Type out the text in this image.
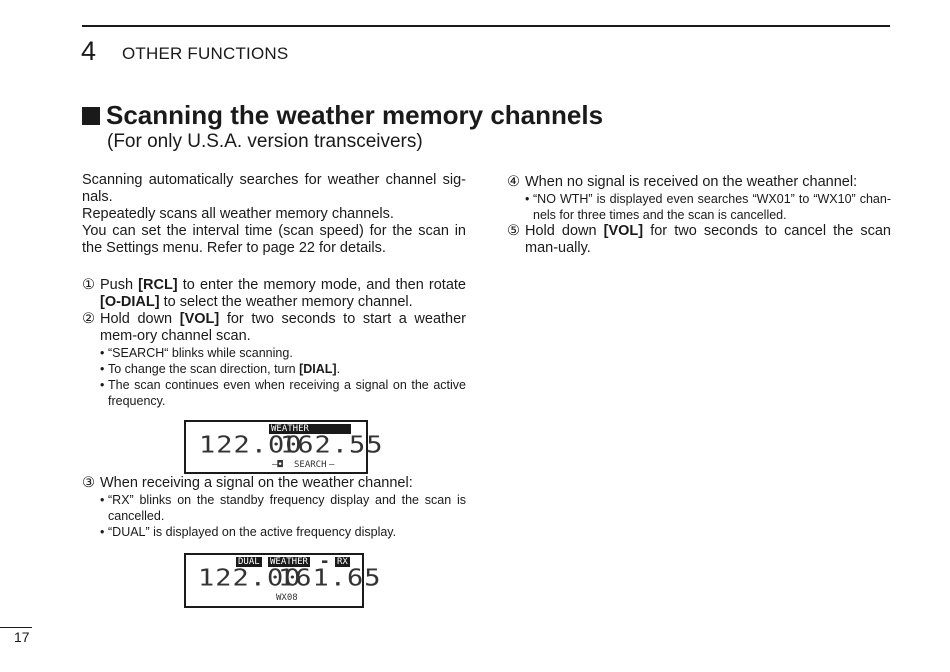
4 OTHER FUNCTIONS
Scanning the weather memory channels
(For only U.S.A. version transceivers)

Scanning automatically searches for weather channel sig-nals.

Repeatedly scans all weather memory channels.

You can set the interval time (scan speed) for the scan in the Settings menu. Refer to page 22 for details.

① Push [RCL] to enter the memory mode, and then rotate [O-DIAL] to select the weather memory channel.

② Hold down [VOL] for two seconds to start a weather mem-ory channel scan.

• “SEARCH“ blinks while scanning.

• To change the scan direction, turn [DIAL].

• The scan continues even when receiving a signal on the active frequency.

WEATHER
122.00
162.55
—◘ SEARCH —

③ When receiving a signal on the weather channel:

• “RX” blinks on the standby frequency display and the scan is cancelled.

• “DUAL” is displayed on the active frequency display.

DUAL WEATHER ▬ RX
122.00
161.65
WX08

④ When no signal is received on the weather channel:

• “NO WTH” is displayed even searches “WX01” to “WX10” chan-nels for three times and the scan is cancelled.

⑤ Hold down [VOL] for two seconds to cancel the scan man-ually.

17
